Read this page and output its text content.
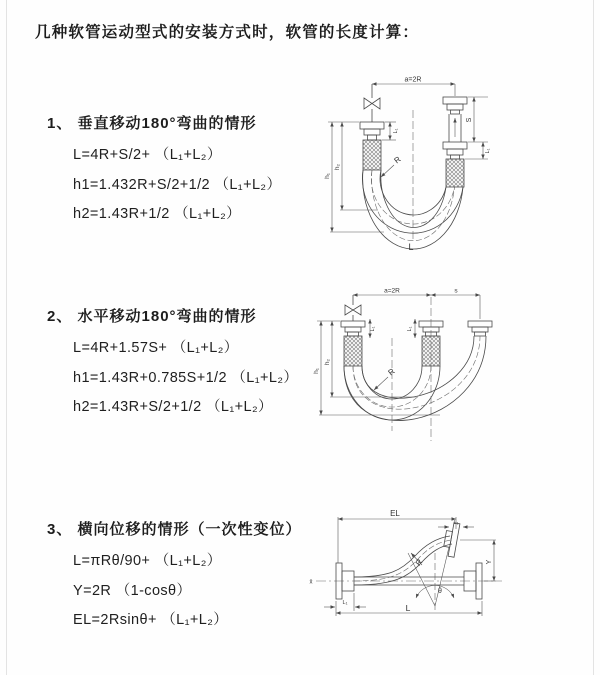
几种软管运动型式的安装方式时，软管的长度计算：
1、 垂直移动180°弯曲的情形
L=4R+S/2+ （L₁+L₂）
h1=1.432R+S/2+1/2 （L₁+L₂）
h2=1.43R+1/2 （L₁+L₂）
2、 水平移动180°弯曲的情形
L=4R+1.57S+ （L₁+L₂）
h1=1.43R+0.785S+1/2 （L₁+L₂）
h2=1.43R+S/2+1/2 （L₁+L₂）
3、 横向位移的情形（一次性变位）
L=πRθ/90+ （L₁+L₂）
Y=2R （1-cosθ）
EL=2Rsinθ+ （L₁+L₂）
a=2R
S
L₁
L₁
h₁
h₂
R
L
a=2R	s
h₁
h₂
L₁	L₁
R
EL
L₁
Y
L
L₁
R
θ
x̄
